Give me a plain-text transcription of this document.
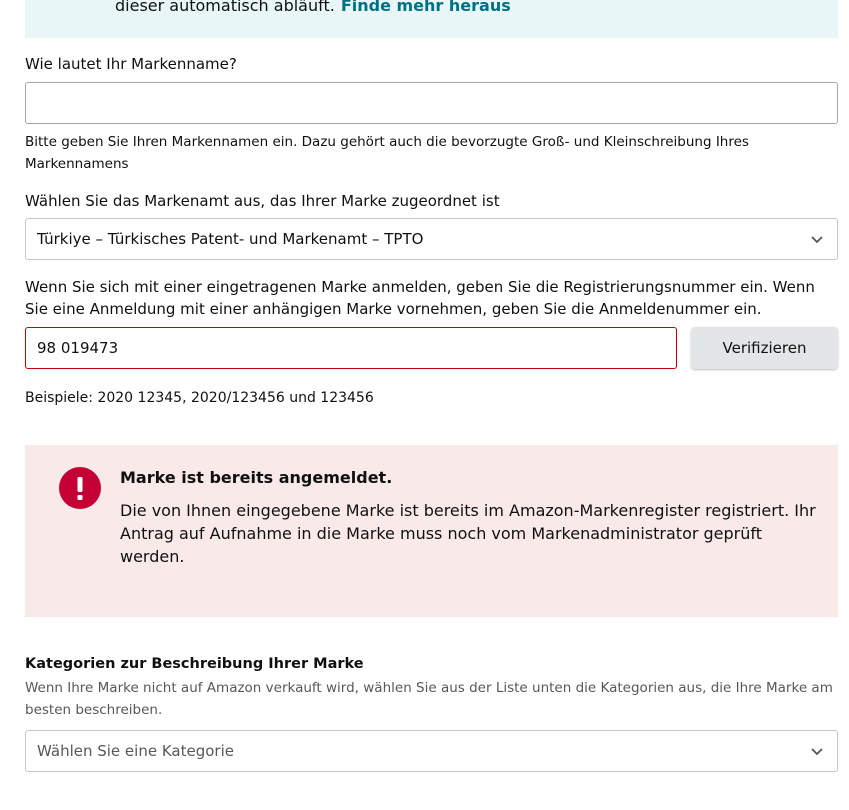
dieser automatisch abläuft. Finde mehr heraus
Wie lautet Ihr Markenname?
Bitte geben Sie Ihren Markennamen ein. Dazu gehört auch die bevorzugte Groß- und Kleinschreibung Ihres Markennamens
Wählen Sie das Markenamt aus, das Ihrer Marke zugeordnet ist
Türkiye – Türkisches Patent- und Markenamt – TPTO
Wenn Sie sich mit einer eingetragenen Marke anmelden, geben Sie die Registrierungsnummer ein. Wenn Sie eine Anmeldung mit einer anhängigen Marke vornehmen, geben Sie die Anmeldenummer ein.
98 019473
Verifizieren
Beispiele: 2020 12345, 2020/123456 und 123456
Marke ist bereits angemeldet.
Die von Ihnen eingegebene Marke ist bereits im Amazon-Markenregister registriert. Ihr Antrag auf Aufnahme in die Marke muss noch vom Markenadministrator geprüft werden.
Kategorien zur Beschreibung Ihrer Marke
Wenn Ihre Marke nicht auf Amazon verkauft wird, wählen Sie aus der Liste unten die Kategorien aus, die Ihre Marke am besten beschreiben.
Wählen Sie eine Kategorie
